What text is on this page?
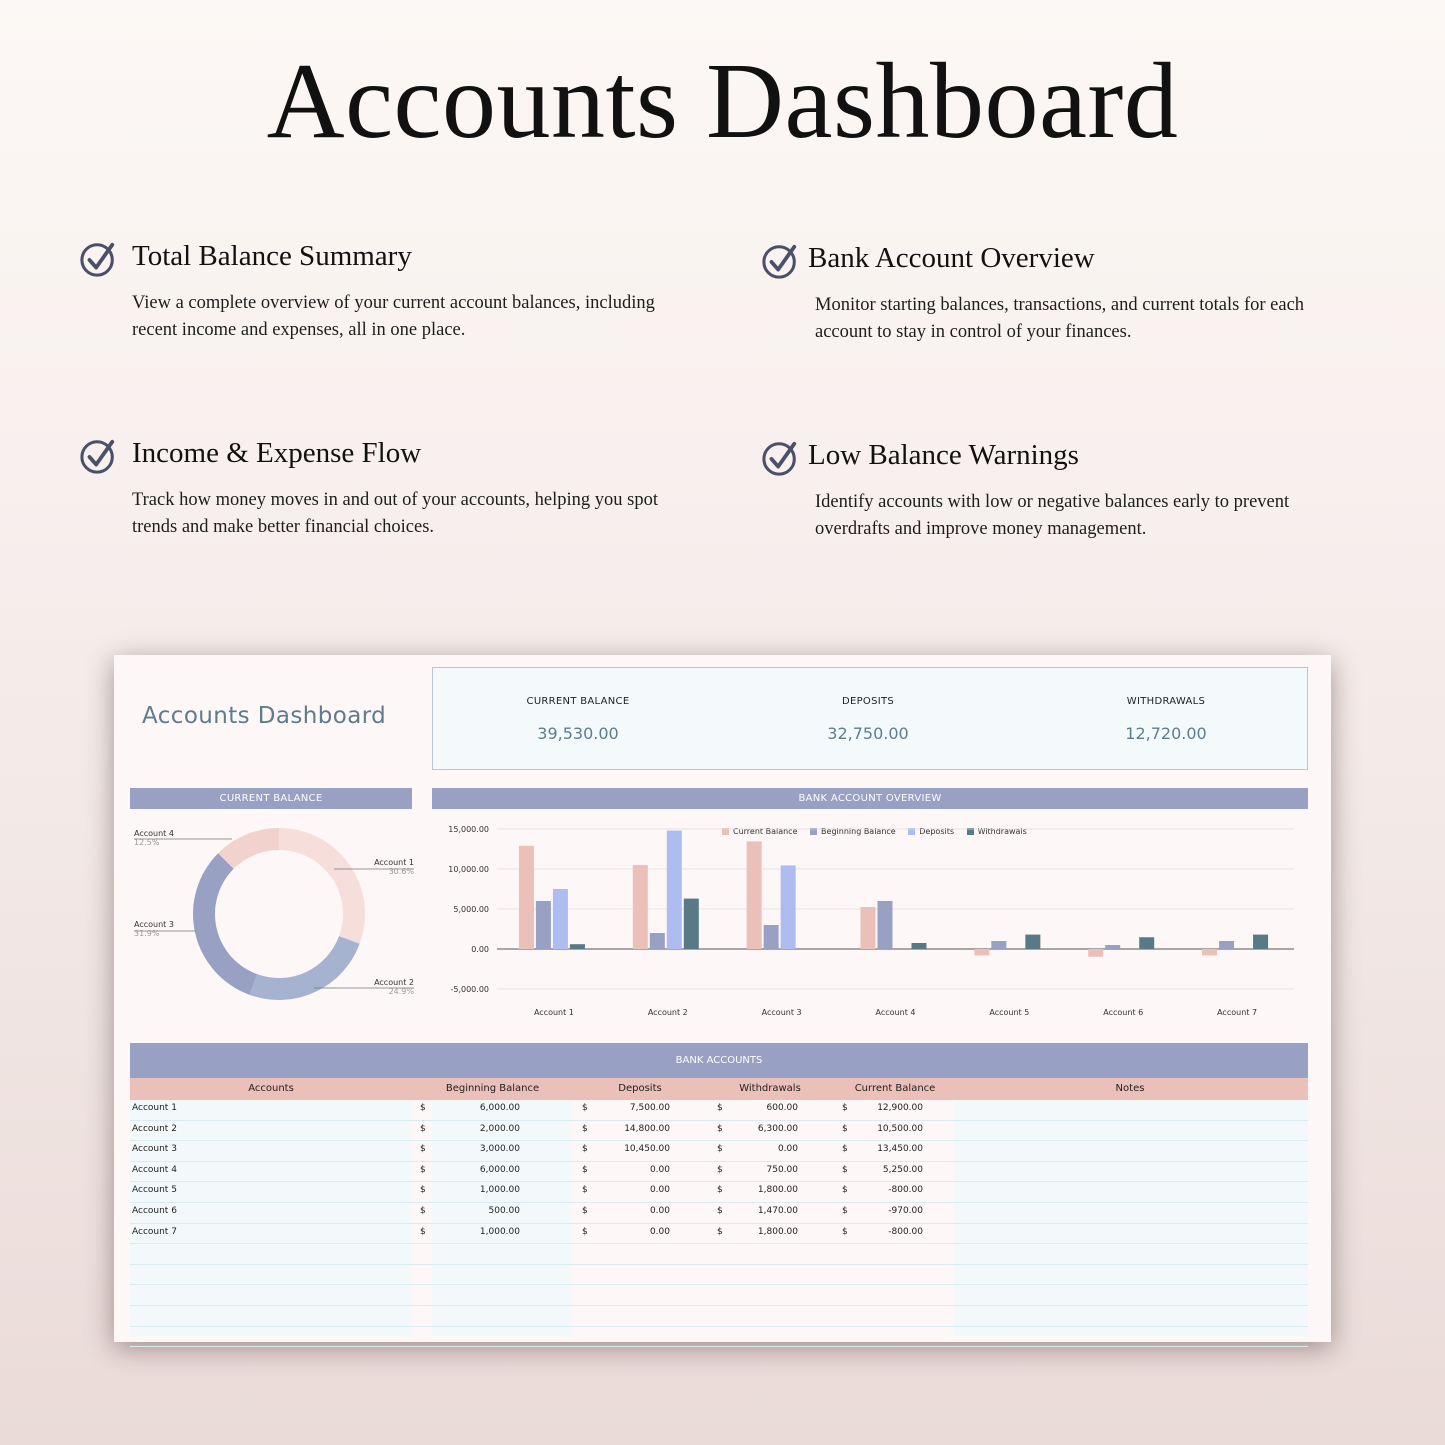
Accounts Dashboard
Total Balance Summary
View a complete overview of your current account balances, including recent income and expenses, all in one place.
Bank Account Overview
Monitor starting balances, transactions, and current totals for each account to stay in control of your finances.
Income & Expense Flow
Track how money moves in and out of your accounts, helping you spot trends and make better financial choices.
Low Balance Warnings
Identify accounts with low or negative balances early to prevent overdrafts and improve money management.
Accounts Dashboard
CURRENT BALANCE
39,530.00
DEPOSITS
32,750.00
WITHDRAWALS
12,720.00
CURRENT BALANCE	BANK ACCOUNT OVERVIEW
Account 1
30.6%
Account 2
24.9%
Account 3
31.9%
Account 4
12.5%
Current Balance	Beginning Balance	Deposits	Withdrawals
15,000.00
10,000.00
5,000.00
0.00
-5,000.00
Account 1	Account 2	Account 3	Account 4	Account 5	Account 6	Account 7
BANK ACCOUNTS
Accounts	Beginning Balance	Deposits	Withdrawals	Current Balance	Notes
Account 1	$	6,000.00	$	7,500.00	$	600.00	$	12,900.00
Account 2	$	2,000.00	$	14,800.00	$	6,300.00	$	10,500.00
Account 3	$	3,000.00	$	10,450.00	$	0.00	$	13,450.00
Account 4	$	6,000.00	$	0.00	$	750.00	$	5,250.00
Account 5	$	1,000.00	$	0.00	$	1,800.00	$	-800.00
Account 6	$	500.00	$	0.00	$	1,470.00	$	-970.00
Account 7	$	1,000.00	$	0.00	$	1,800.00	$	-800.00
